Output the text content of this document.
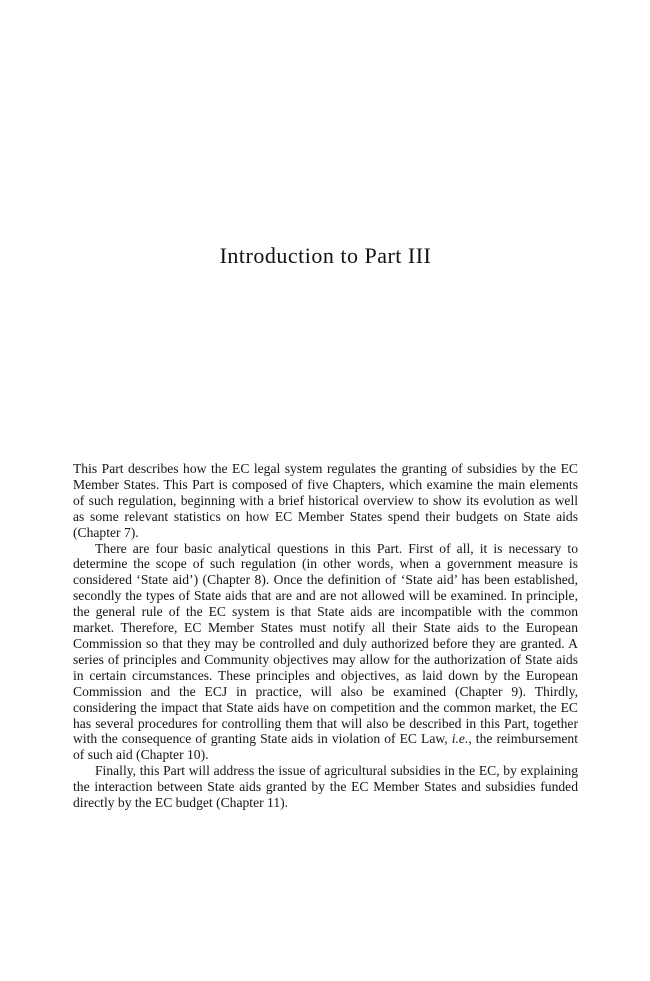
Introduction to Part III

This Part describes how the EC legal system regulates the granting of subsidies by the EC Member States. This Part is composed of five Chapters, which examine the main elements of such regulation, beginning with a brief historical overview to show its evolution as well as some relevant statistics on how EC Member States spend their budgets on State aids (Chapter 7).

There are four basic analytical questions in this Part. First of all, it is necessary to determine the scope of such regulation (in other words, when a government measure is considered ‘State aid’) (Chapter 8). Once the definition of ‘State aid’ has been established, secondly the types of State aids that are and are not allowed will be examined. In principle, the general rule of the EC system is that State aids are incompatible with the common market. Therefore, EC Member States must notify all their State aids to the European Commission so that they may be controlled and duly authorized before they are granted. A series of principles and Community objectives may allow for the authorization of State aids in certain circumstances. These principles and objectives, as laid down by the European Commission and the ECJ in practice, will also be examined (Chapter 9). Thirdly, considering the impact that State aids have on competition and the common market, the EC has several procedures for controlling them that will also be described in this Part, together with the consequence of granting State aids in violation of EC Law, i.e., the reimbursement of such aid (Chapter 10).

Finally, this Part will address the issue of agricultural subsidies in the EC, by explaining the interaction between State aids granted by the EC Member States and subsidies funded directly by the EC budget (Chapter 11).
